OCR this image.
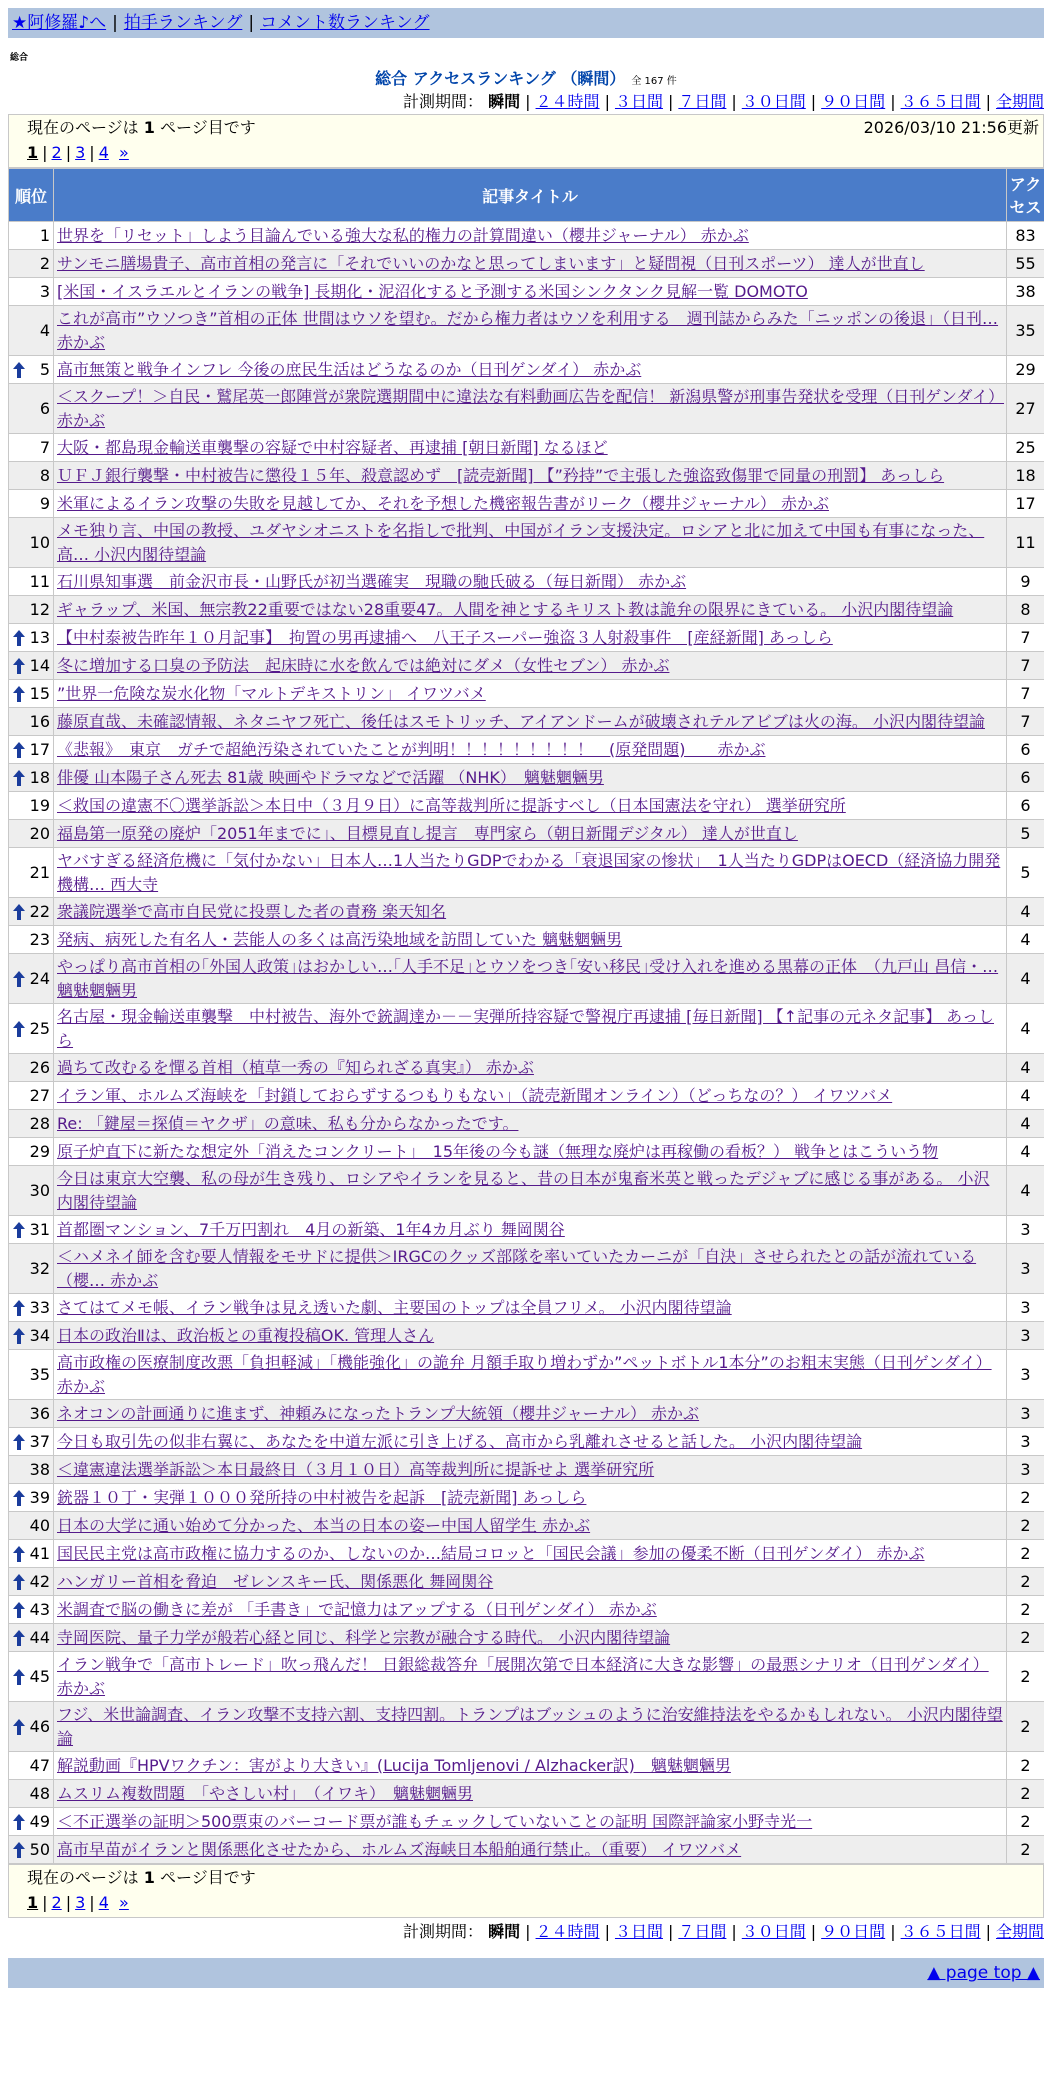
★阿修羅♪へ | 拍手ランキング | コメント数ランキング
総合
総合 アクセスランキング （瞬間） 全 167 件
計測期間： 瞬間 | ２４時間 | ３日間 | ７日間 | ３０日間 | ９０日間 | ３６５日間 | 全期間
現在のページは 1 ページ目です	2026/03/10 21:56更新
1 | 2 | 3 | 4 »
順位	記事タイトル	アクセス
1	世界を「リセット」しよう目論んでいる強大な私的権力の計算間違い（櫻井ジャーナル） 赤かぶ	83
2	サンモニ膳場貴子、高市首相の発言に「それでいいのかなと思ってしまいます」と疑問視（日刊スポーツ） 達人が世直し	55
3	[米国・イスラエルとイランの戦争] 長期化・泥沼化すると予測する米国シンクタンク見解一覧 DOMOTO	38
4	これが高市”ウソつき”首相の正体 世間はウソを望む。だから権力者はウソを利用する　週刊誌からみた「ニッポンの後退」（日刊… 赤かぶ	35

5	高市無策と戦争インフレ 今後の庶民生活はどうなるのか（日刊ゲンダイ） 赤かぶ	29
6	＜スクープ！＞自民・鷲尾英一郎陣営が衆院選期間中に違法な有料動画広告を配信！ 新潟県警が刑事告発状を受理（日刊ゲンダイ） 赤かぶ	27
7	大阪・都島現金輸送車襲撃の容疑で中村容疑者、再逮捕 [朝日新聞] なるほど	25
8	ＵＦＪ銀行襲撃・中村被告に懲役１５年、殺意認めず　[読売新聞] 【”矜持”で主張した強盗致傷罪で同量の刑罰】 あっしら	18
9	米軍によるイラン攻撃の失敗を見越してか、それを予想した機密報告書がリーク（櫻井ジャーナル） 赤かぶ	17
10	メモ独り言、中国の教授、ユダヤシオニストを名指しで批判、中国がイラン支援決定。ロシアと北に加えて中国も有事になった、高… 小沢内閣待望論	11
11	石川県知事選　前金沢市長・山野氏が初当選確実　現職の馳氏破る（毎日新聞） 赤かぶ	9
12	ギャラップ、米国、無宗教22重要ではない28重要47。人間を神とするキリスト教は詭弁の限界にきている。 小沢内閣待望論	8

13	【中村泰被告昨年１０月記事】　拘置の男再逮捕へ　八王子スーパー強盗３人射殺事件　[産経新聞] あっしら	7

14	冬に増加する口臭の予防法　起床時に水を飲んでは絶対にダメ（女性セブン） 赤かぶ	7

15	”世界一危険な炭水化物「マルトデキストリン」 イワツバメ	7
16	藤原直哉、未確認情報、ネタニヤフ死亡、後任はスモトリッチ、アイアンドームが破壊されテルアビブは火の海。 小沢内閣待望論	7

17	《悲報》　東京　ガチで超絶汚染されていたことが判明！！！！！！！！！　(原発問題)　　赤かぶ	6

18	俳優 山本陽子さん死去 81歳 映画やドラマなどで活躍 （NHK）　魑魅魍魎男	6
19	＜救国の違憲不〇選挙訴訟＞本日中（３月９日）に高等裁判所に提訴すべし（日本国憲法を守れ） 選挙研究所	6
20	福島第一原発の廃炉「2051年までに」、目標見直し提言　専門家ら（朝日新聞デジタル） 達人が世直し	5
21	ヤバすぎる経済危機に「気付かない」日本人…1人当たりGDPでわかる「衰退国家の惨状」　1人当たりGDPはOECD（経済協力開発機構… 西大寺	5

22	衆議院選挙で高市自民党に投票した者の責務 楽天知名	4
23	発病、病死した有名人・芸能人の多くは高汚染地域を訪問していた 魑魅魍魎男	4

24	やっぱり高市首相の｢外国人政策｣はおかしい…｢人手不足｣とウソをつき｢安い移民｣受け入れを進める黒幕の正体　（九戸山 昌信・… 魑魅魍魎男	4

25	名古屋・現金輸送車襲撃　中村被告、海外で銃調達か－－実弾所持容疑で警視庁再逮捕 [毎日新聞] 【↑記事の元ネタ記事】 あっしら	4
26	過ちて改むるを憚る首相（植草一秀の『知られざる真実』） 赤かぶ	4
27	イラン軍、ホルムズ海峡を「封鎖しておらずするつもりもない」（読売新聞オンライン）（どっちなの？） イワツバメ	4
28	Re: 「鍵屋＝探偵＝ヤクザ」の意味、私も分からなかったです。	4
29	原子炉直下に新たな想定外「消えたコンクリート」　15年後の今も謎（無理な廃炉は再稼働の看板？） 戦争とはこういう物	4
30	今日は東京大空襲、私の母が生き残り、ロシアやイランを見ると、昔の日本が鬼畜米英と戦ったデジャブに感じる事がある。 小沢内閣待望論	4

31	首都圏マンション、7千万円割れ　4月の新築、1年4カ月ぶり 舞岡関谷	3
32	＜ハメネイ師を含む要人情報をモサドに提供＞IRGCのクッズ部隊を率いていたカーニが「自決」させられたとの話が流れている（櫻… 赤かぶ	3

33	さてはてメモ帳、イラン戦争は見え透いた劇、主要国のトップは全員フリメ。 小沢内閣待望論	3

34	日本の政治Ⅱは、政治板との重複投稿OK. 管理人さん	3
35	高市政権の医療制度改悪「負担軽減」「機能強化」の詭弁 月額手取り増わずか”ペットボトル1本分”のお粗末実態（日刊ゲンダイ） 赤かぶ	3
36	ネオコンの計画通りに進まず、神頼みになったトランプ大統領（櫻井ジャーナル） 赤かぶ	3

37	今日も取引先の似非右翼に、あなたを中道左派に引き上げる、高市から乳離れさせると話した。 小沢内閣待望論	3
38	＜違憲違法選挙訴訟＞本日最終日（３月１０日）高等裁判所に提訴せよ 選挙研究所	3

39	銃器１０丁・実弾１０００発所持の中村被告を起訴　[読売新聞] あっしら	2
40	日本の大学に通い始めて分かった、本当の日本の姿ー中国人留学生 赤かぶ	2

41	国民民主党は高市政権に協力するのか、しないのか…結局コロッと「国民会議」参加の優柔不断（日刊ゲンダイ） 赤かぶ	2

42	ハンガリー首相を脅迫　ゼレンスキー氏、関係悪化 舞岡関谷	2

43	米調査で脳の働きに差が 「手書き」で記憶力はアップする（日刊ゲンダイ） 赤かぶ	2

44	寺岡医院、量子力学が般若心経と同じ、科学と宗教が融合する時代。 小沢内閣待望論	2

45	イラン戦争で「高市トレード」吹っ飛んだ！ 日銀総裁答弁「展開次第で日本経済に大きな影響」の最悪シナリオ（日刊ゲンダイ） 赤かぶ	2

46	フジ、米世論調査、イラン攻撃不支持六割、支持四割。トランプはブッシュのように治安維持法をやるかもしれない。 小沢内閣待望論	2
47	解説動画『HPVワクチン：害がより大きい』(Lucija Tomljenovi / Alzhacker訳)　魑魅魍魎男	2
48	ムスリム複数問題　「やさしい村」　（イワキ）　魑魅魍魎男	2

49	＜不正選挙の証明＞500票束のバーコード票が誰もチェックしていないことの証明 国際評論家小野寺光一	2

50	高市早苗がイランと関係悪化させたから、ホルムズ海峡日本船舶通行禁止。（重要） イワツバメ	2
現在のページは 1 ページ目です
1 | 2 | 3 | 4 »
計測期間： 瞬間 | ２４時間 | ３日間 | ７日間 | ３０日間 | ９０日間 | ３６５日間 | 全期間
▲ page top ▲
